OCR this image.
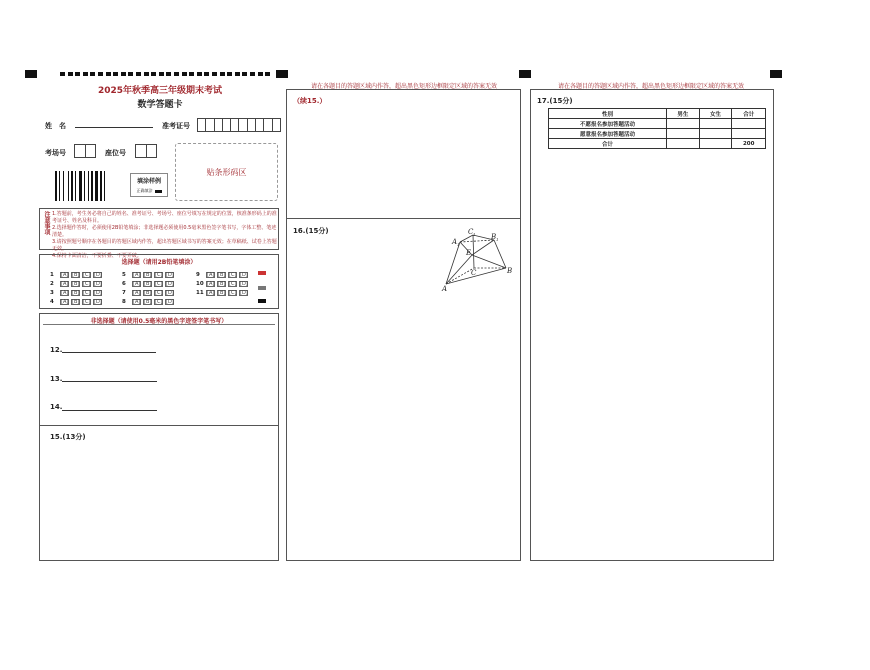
2025年秋季高三年级期末考试
数学答题卡
姓　名	准考证号
考场号	座位号
填涂样例
正确填涂
贴条形码区
注意事项 1.答题前，考生务必将自己的姓名、准考证号、考场号、座位号填写在规定的位置，核准条形码上的准考证号、姓名及科目。
2.选择题作答时，必须使用2B铅笔填涂；非选择题必须使用0.5毫米黑色签字笔书写，字体工整、笔迹清楚。
3.请按照题号顺序在各题目的答题区域内作答，超出答题区域书写的答案无效；在草稿纸、试卷上答题无效。
4.保持卡面清洁，不要折叠、不要弄破。
选择题（请用2B铅笔填涂）
1	[A] [B] [C] [D]
2	[A] [B] [C] [D]
3	[A] [B] [C] [D]
4	[A] [B] [C] [D]
5	[A] [B] [C] [D]
6	[A] [B] [C] [D]
7	[A] [B] [C] [D]
8	[A] [B] [C] [D]
9	[A] [B] [C] [D]
10 [A] [B] [C] [D]
11 [A] [B] [C] [D]
非选择题（请使用0.5毫米的黑色字迹签字笔书写）
12.
13.
14.
15.(13分)
请在各题目的答题区域内作答，超出黑色矩形边框限定区域的答案无效
（续15.）
16.(15分)
A 1
C 1 B 1
E
C	B
A
请在各题目的答题区域内作答，超出黑色矩形边框限定区域的答案无效
17.(15分)
性别	男生	女生	合计
不愿报名参加答题活动			
愿意报名参加答题活动			
合计			200
